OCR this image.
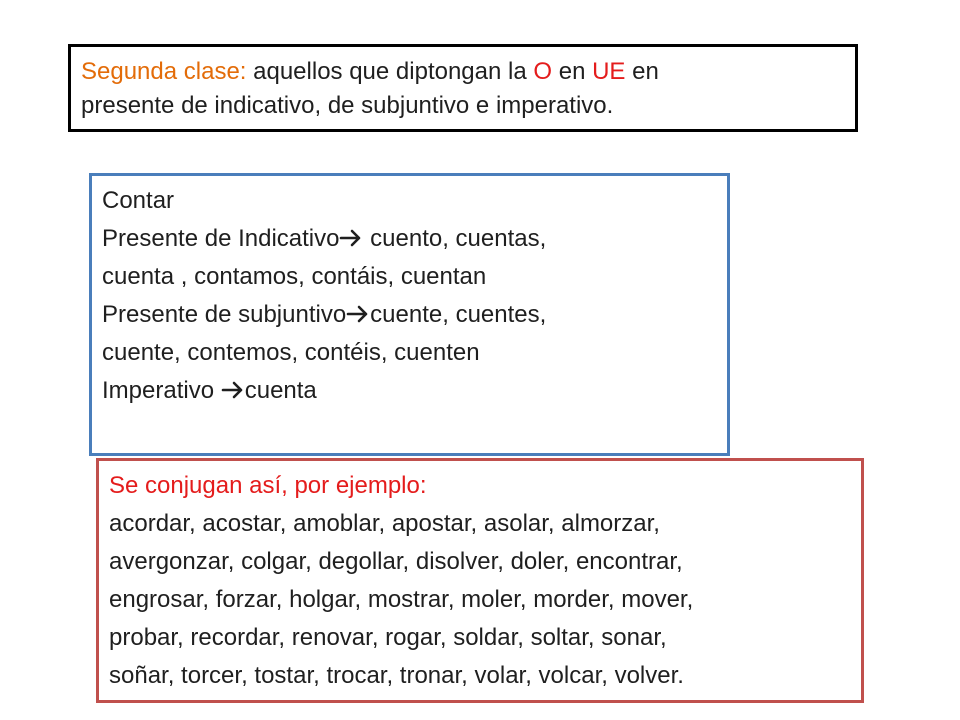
Segunda clase: aquellos que diptongan la O en UE en
presente de indicativo, de subjuntivo e imperativo.
Contar
Presente de Indicativo cuento, cuentas,
cuenta , contamos, contáis, cuentan
Presente de subjuntivo cuente, cuentes,
cuente, contemos, contéis, cuenten
Imperativo cuenta
Se conjugan así, por ejemplo:
acordar, acostar, amoblar, apostar, asolar, almorzar,
avergonzar, colgar, degollar, disolver, doler, encontrar,
engrosar, forzar, holgar, mostrar, moler, morder, mover,
probar, recordar, renovar, rogar, soldar, soltar, sonar,
soñar, torcer, tostar, trocar, tronar, volar, volcar, volver.
